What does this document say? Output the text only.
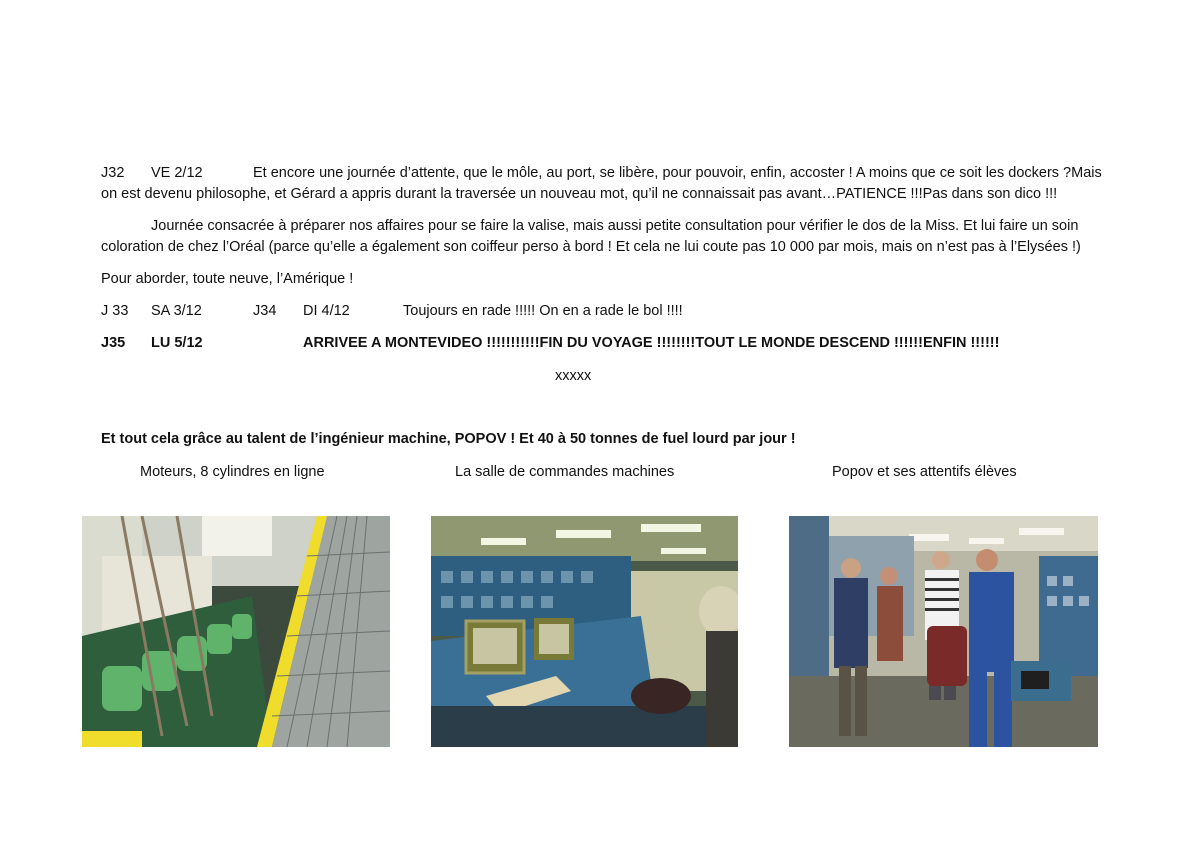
J32 VE 2/12	Et encore une journée d’attente, que le môle, au port, se libère, pour pouvoir, enfin, accoster ! A moins que ce soit les dockers ?Mais
on est devenu philosophe, et Gérard a appris durant la traversée un nouveau mot, qu’il ne connaissait pas avant…PATIENCE !!!Pas dans son dico !!!
Journée consacrée à préparer nos affaires pour se faire la valise, mais aussi petite consultation pour vérifier le dos de la Miss. Et lui faire un soin
coloration de chez l’Oréal (parce qu’elle a également son coiffeur perso à bord ! Et cela ne lui coute pas 10 000 par mois, mais on n’est pas à l’Elysées !)
Pour aborder, toute neuve, l’Amérique !
J 33 SA 3/12	J34 DI 4/12	Toujours en rade !!!!! On en a rade le bol !!!!
J35 LU 5/12	ARRIVEE A MONTEVIDEO !!!!!!!!!!!FIN DU VOYAGE !!!!!!!!TOUT LE MONDE DESCEND !!!!!!ENFIN !!!!!!
xxxxx
Et tout cela grâce au talent de l’ingénieur machine, POPOV ! Et 40 à 50 tonnes de fuel lourd par jour !
Moteurs, 8 cylindres en ligne	La salle de commandes machines	Popov et ses attentifs élèves
